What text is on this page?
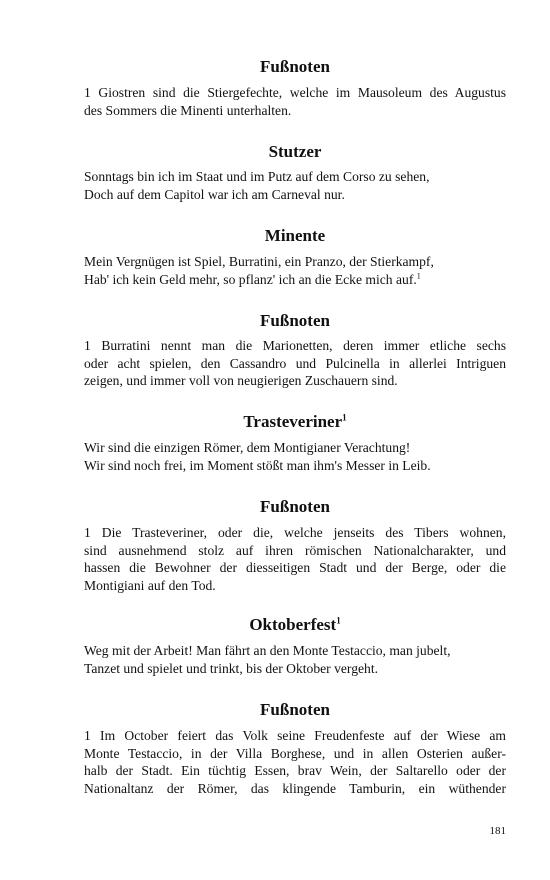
Fußnoten
1 Giostren sind die Stiergefechte, welche im Mausoleum des Augustus
des Sommers die Minenti unterhalten.
Stutzer
Sonntags bin ich im Staat und im Putz auf dem Corso zu sehen,
Doch auf dem Capitol war ich am Carneval nur.
Minente
Mein Vergnügen ist Spiel, Burratini, ein Pranzo, der Stierkampf,
Hab' ich kein Geld mehr, so pflanz' ich an die Ecke mich auf.$^1$
Fußnoten
1 Burratini nennt man die Marionetten, deren immer etliche sechs
oder acht spielen, den Cassandro und Pulcinella in allerlei Intriguen
zeigen, und immer voll von neugierigen Zuschauern sind.
Trasteveriner$^1$
Wir sind die einzigen Römer, dem Montigianer Verachtung!
Wir sind noch frei, im Moment stößt man ihm's Messer in Leib.
Fußnoten
1 Die Trasteveriner, oder die, welche jenseits des Tibers wohnen,
sind ausnehmend stolz auf ihren römischen Nationalcharakter, und
hassen die Bewohner der diesseitigen Stadt und der Berge, oder die
Montigiani auf den Tod.
Oktoberfest$^1$
Weg mit der Arbeit! Man fährt an den Monte Testaccio, man jubelt,
Tanzet und spielet und trinkt, bis der Oktober vergeht.
Fußnoten
1 Im October feiert das Volk seine Freudenfeste auf der Wiese am
Monte Testaccio, in der Villa Borghese, und in allen Osterien außer-
halb der Stadt. Ein tüchtig Essen, brav Wein, der Saltarello oder der
Nationaltanz der Römer, das klingende Tamburin, ein wüthender
181
